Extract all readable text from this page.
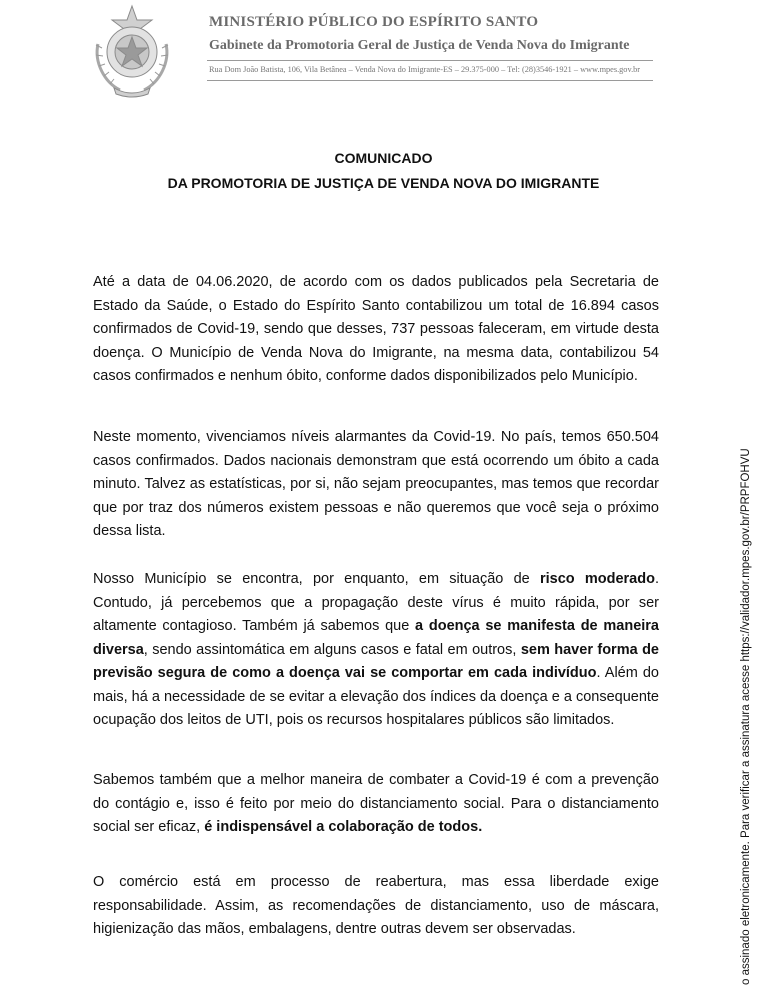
MINISTÉRIO PÚBLICO DO ESPÍRITO SANTO
Gabinete da Promotoria Geral de Justiça de Venda Nova do Imigrante
Rua Dom João Batista, 106, Vila Betânea – Venda Nova do Imigrante-ES – 29.375-000 – Tel: (28)3546-1921 – www.mpes.gov.br
COMUNICADO
DA PROMOTORIA DE JUSTIÇA DE VENDA NOVA DO IMIGRANTE

Até a data de 04.06.2020, de acordo com os dados publicados pela Secretaria de Estado da Saúde, o Estado do Espírito Santo contabilizou um total de 16.894 casos confirmados de Covid-19, sendo que desses, 737 pessoas faleceram, em virtude desta doença. O Município de Venda Nova do Imigrante, na mesma data, contabilizou 54 casos confirmados e nenhum óbito, conforme dados disponibilizados pelo Município.

Neste momento, vivenciamos níveis alarmantes da Covid-19. No país, temos 650.504 casos confirmados. Dados nacionais demonstram que está ocorrendo um óbito a cada minuto. Talvez as estatísticas, por si, não sejam preocupantes, mas temos que recordar que por traz dos números existem pessoas e não queremos que você seja o próximo dessa lista.

Nosso Município se encontra, por enquanto, em situação de risco moderado. Contudo, já percebemos que a propagação deste vírus é muito rápida, por ser altamente contagioso. Também já sabemos que a doença se manifesta de maneira diversa, sendo assintomática em alguns casos e fatal em outros, sem haver forma de previsão segura de como a doença vai se comportar em cada indivíduo. Além do mais, há a necessidade de se evitar a elevação dos índices da doença e a consequente ocupação dos leitos de UTI, pois os recursos hospitalares públicos são limitados.

Sabemos também que a melhor maneira de combater a Covid-19 é com a prevenção do contágio e, isso é feito por meio do distanciamento social. Para o distanciamento social ser eficaz, é indispensável a colaboração de todos.

O comércio está em processo de reabertura, mas essa liberdade exige responsabilidade. Assim, as recomendações de distanciamento, uso de máscara, higienização das mãos, embalagens, dentre outras devem ser observadas.	o assinado eletronicamente. Para verificar a assinatura acesse https://validador.mpes.gov.br/PRPFOHVU
